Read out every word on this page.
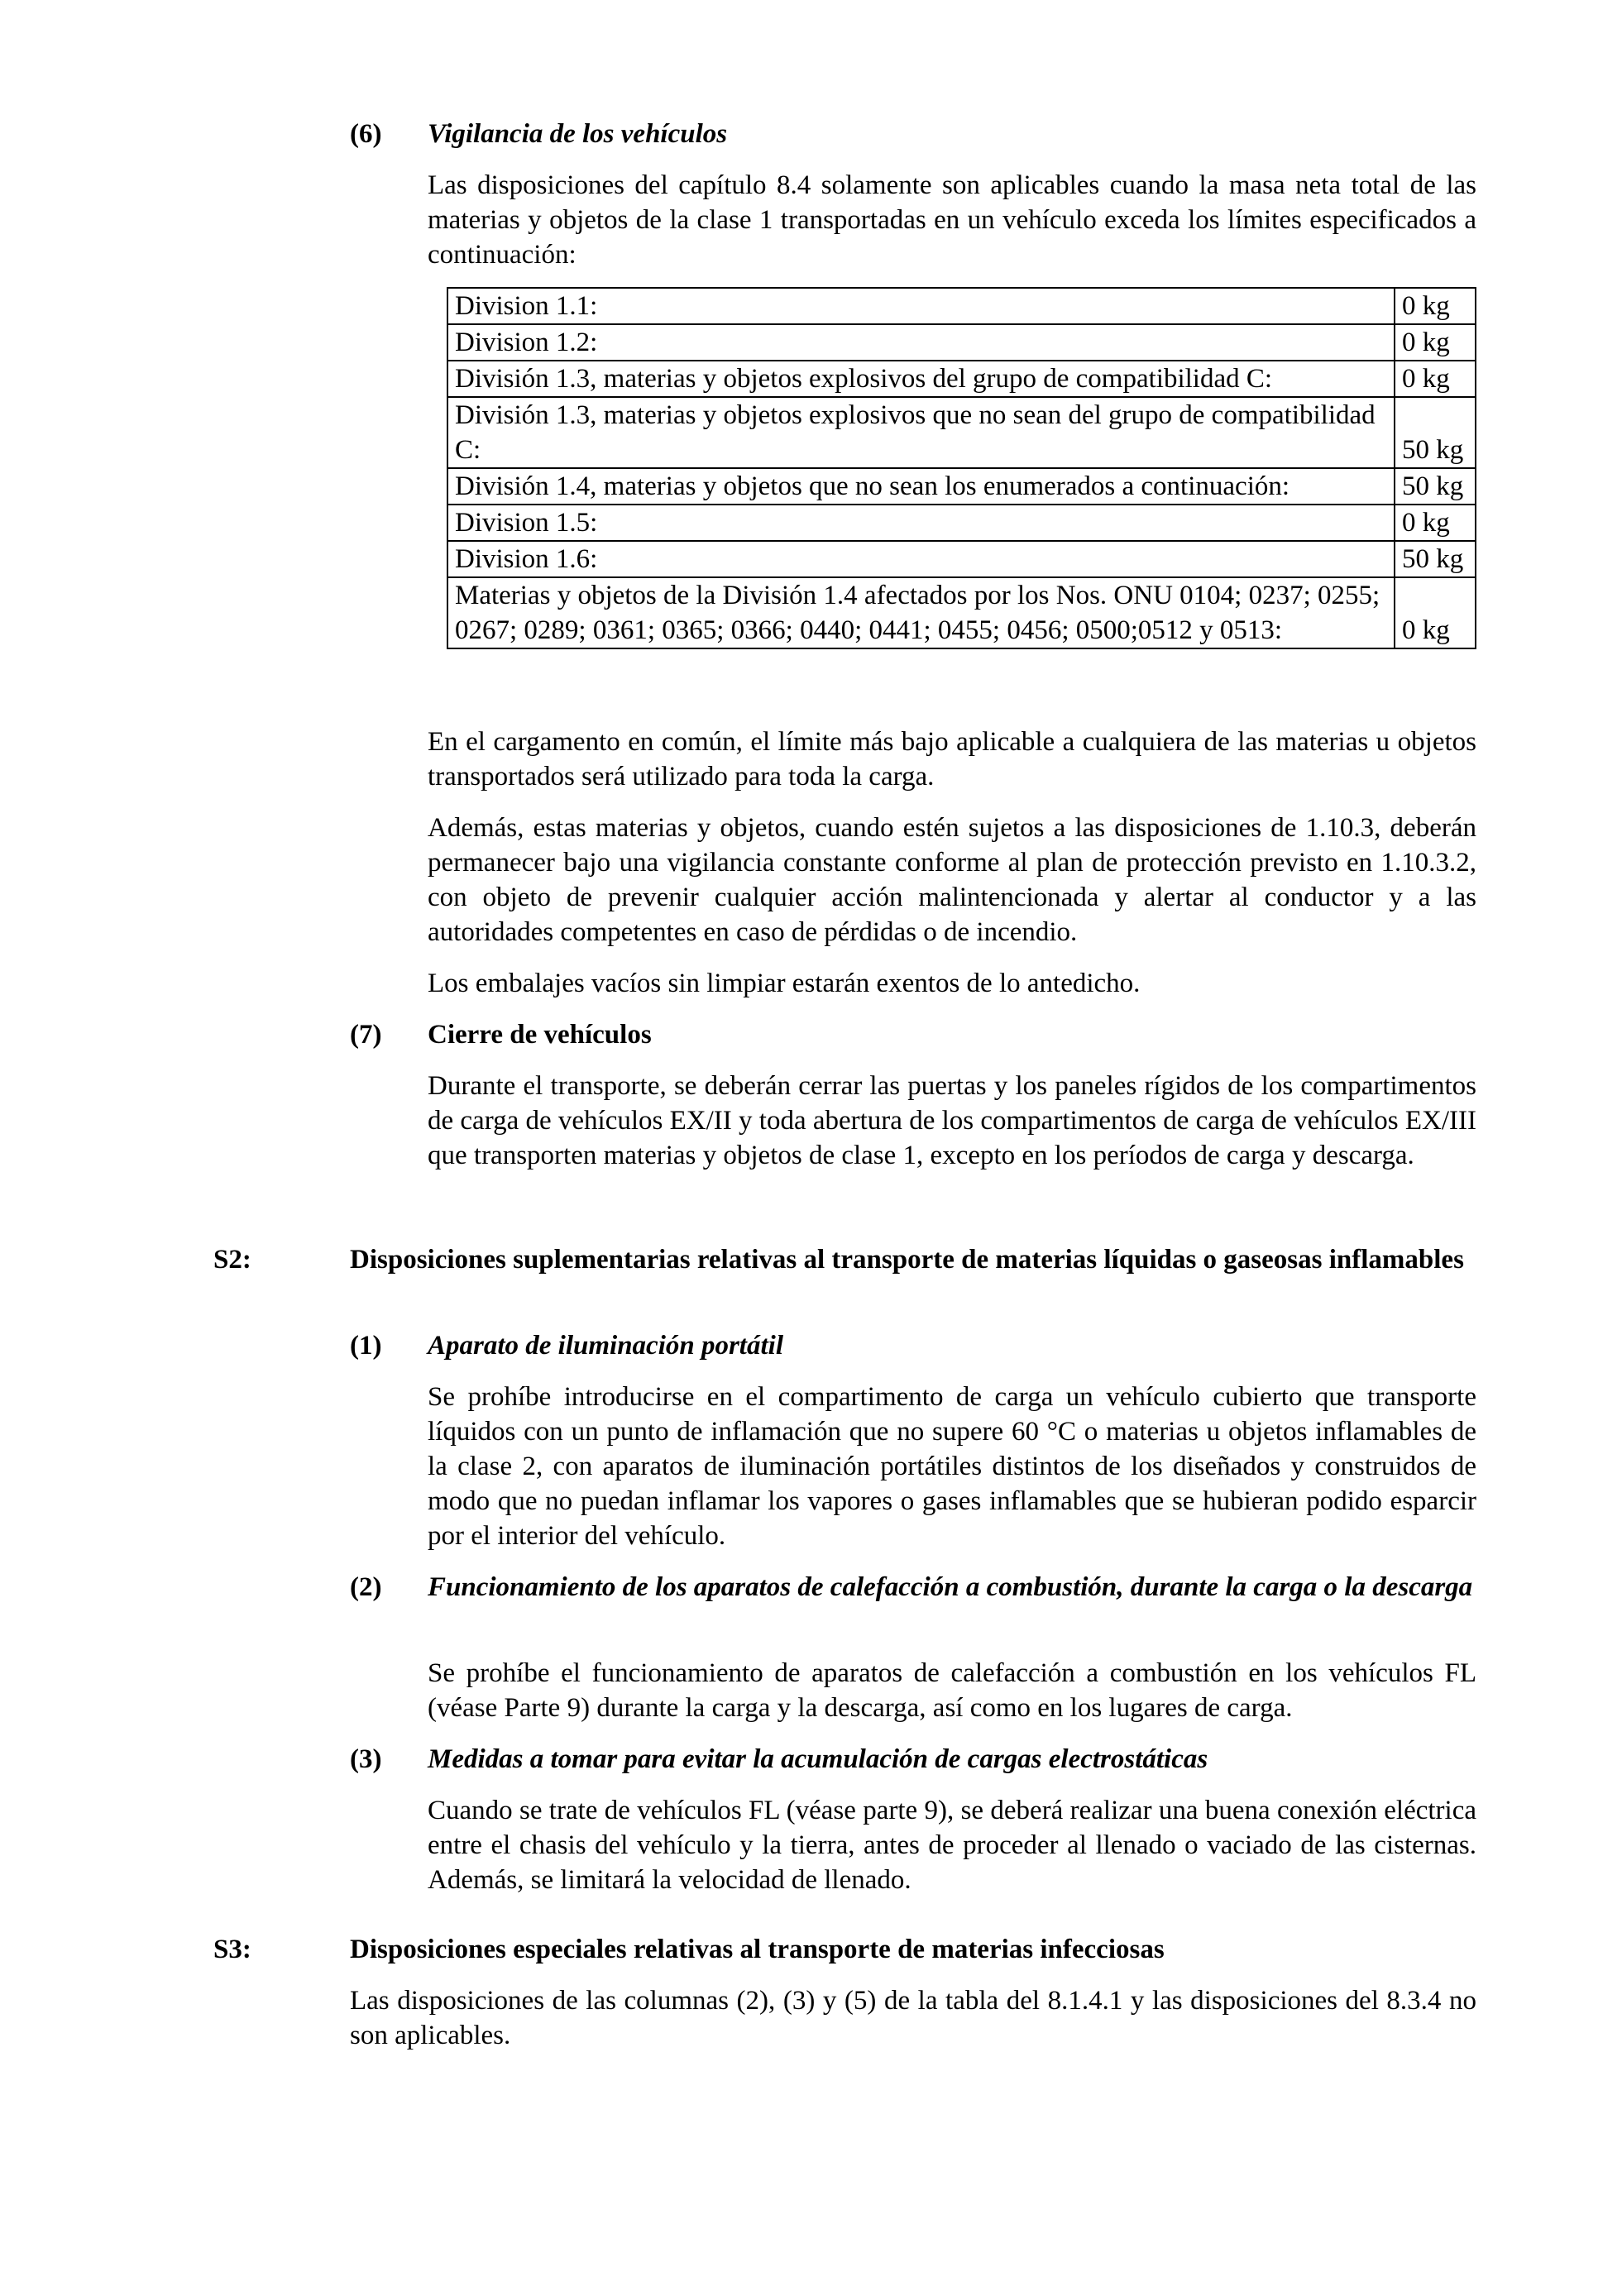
(6) Vigilancia de los vehículos

Las disposiciones del capítulo 8.4 solamente son aplicables cuando la masa neta total de las materias y objetos de la clase 1 transportadas en un vehículo exceda los límites especificados a continuación:

Division 1.1:	0 kg
Division 1.2:	0 kg
División 1.3, materias y objetos explosivos del grupo de compatibilidad C:	0 kg
División 1.3, materias y objetos explosivos que no sean del grupo de compatibilidad C:	50 kg
División 1.4, materias y objetos que no sean los enumerados a continuación:	50 kg
Division 1.5:	0 kg
Division 1.6:	50 kg
Materias y objetos de la División 1.4 afectados por los Nos. ONU 0104; 0237; 0255; 0267; 0289; 0361; 0365; 0366; 0440; 0441; 0455; 0456; 0500;0512 y 0513:	0 kg

En el cargamento en común, el límite más bajo aplicable a cualquiera de las materias u objetos transportados será utilizado para toda la carga.

Además, estas materias y objetos, cuando estén sujetos a las disposiciones de 1.10.3, deberán permanecer bajo una vigilancia constante conforme al plan de protección previsto en 1.10.3.2, con objeto de prevenir cualquier acción malintencionada y alertar al conductor y a las autoridades competentes en caso de pérdidas o de incendio.

Los embalajes vacíos sin limpiar estarán exentos de lo antedicho.

(7) Cierre de vehículos

Durante el transporte, se deberán cerrar las puertas y los paneles rígidos de los compartimentos de carga de vehículos EX/II y toda abertura de los compartimentos de carga de vehículos EX/III que transporten materias y objetos de clase 1, excepto en los períodos de carga y descarga.

S2:	Disposiciones suplementarias relativas al transporte de materias líquidas o gaseosas inflamables

(1) Aparato de iluminación portátil

Se prohíbe introducirse en el compartimento de carga un vehículo cubierto que transporte líquidos con un punto de inflamación que no supere 60 °C o materias u objetos inflamables de la clase 2, con aparatos de iluminación portátiles distintos de los diseñados y construidos de modo que no puedan inflamar los vapores o gases inflamables que se hubieran podido esparcir por el interior del vehículo.

(2) Funcionamiento de los aparatos de calefacción a combustión, durante la carga o la descarga

Se prohíbe el funcionamiento de aparatos de calefacción a combustión en los vehículos FL (véase Parte 9) durante la carga y la descarga, así como en los lugares de carga.

(3) Medidas a tomar para evitar la acumulación de cargas electrostáticas

Cuando se trate de vehículos FL (véase parte 9), se deberá realizar una buena conexión eléctrica entre el chasis del vehículo y la tierra, antes de proceder al llenado o vaciado de las cisternas. Además, se limitará la velocidad de llenado.

S3:	Disposiciones especiales relativas al transporte de materias infecciosas

Las disposiciones de las columnas (2), (3) y (5) de la tabla del 8.1.4.1 y las disposiciones del 8.3.4 no son aplicables.
